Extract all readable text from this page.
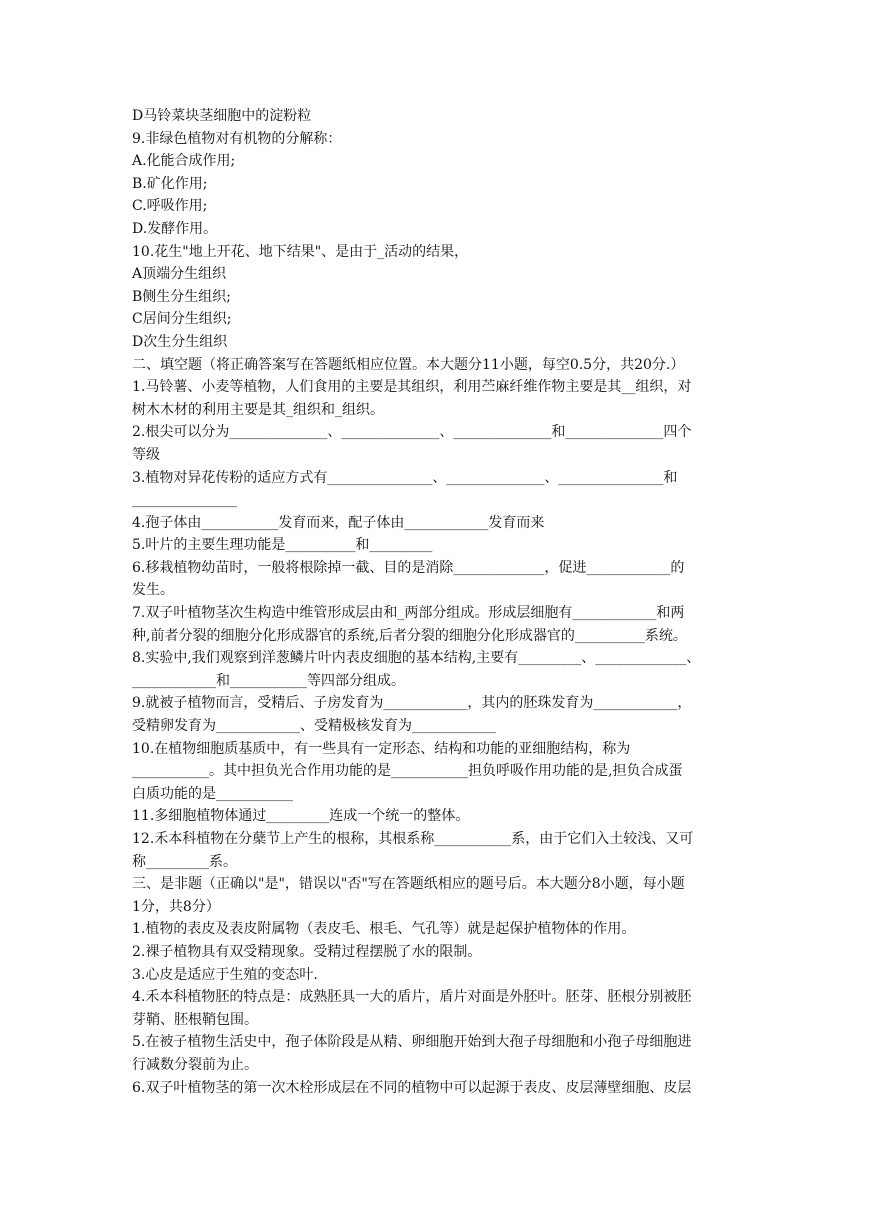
D马铃菜块茎细胞中的淀粉粒
9.非绿色植物对有机物的分解称：
A.化能合成作用;
B.矿化作用;
C.呼吸作用;
D.发酵作用。
10.花生"地上开花、地下结果"、是由于_活动的结果，
A顶端分生组织
B侧生分生组织;
C居间分生组织;
D次生分生组织
二、填空题（将正确答案写在答题纸相应位置。本大题分11小题，每空0.5分，共20分.）
1.马铃薯、小麦等植物，人们食用的主要是其组织，利用苎麻纤维作物主要是其__组织，对
树木木材的利用主要是其_组织和_组织。
2.根尖可以分为______________、______________、______________和______________四个
等级
3.植物对异花传粉的适应方式有_______________、______________、_______________和
_______________
4.孢子体由___________发育而来，配子体由____________发育而来
5.叶片的主要生理功能是__________和_________
6.移栽植物幼苗时，一般将根除掉一截、目的是消除_____________，促进____________的
发生。
7.双子叶植物茎次生构造中维管形成层由和_两部分组成。形成层细胞有____________和两
种,前者分裂的细胞分化形成器官的系统,后者分裂的细胞分化形成器官的__________系统。
8.实验中,我们观察到洋葱鳞片叶内表皮细胞的基本结构,主要有_________、_____________、
____________和___________等四部分组成。
9.就被子植物而言，受精后、子房发育为____________，其内的胚珠发育为____________，
受精卵发育为____________、受精极核发育为____________
10.在植物细胞质基质中，有一些具有一定形态、结构和功能的亚细胞结构，称为
___________。其中担负光合作用功能的是___________担负呼吸作用功能的是,担负合成蛋
白质功能的是___________
11.多细胞植物体通过_________连成一个统一的整体。
12.禾本科植物在分蘖节上产生的根称，其根系称___________系，由于它们入土较浅、又可
称_________系。
三、是非题（正确以"是"，错误以"否"写在答题纸相应的题号后。本大题分8小题，每小题
1分，共8分）
1.植物的表皮及表皮附属物（表皮毛、根毛、气孔等）就是起保护植物体的作用。
2.裸子植物具有双受精现象。受精过程摆脱了水的限制。
3.心皮是适应于生殖的变态叶.
4.禾本科植物胚的特点是：成熟胚具一大的盾片，盾片对面是外胚叶。胚芽、胚根分别被胚
芽鞘、胚根鞘包围。
5.在被子植物生活史中，孢子体阶段是从精、卵细胞开始到大孢子母细胞和小孢子母细胞进
行减数分裂前为止。
6.双子叶植物茎的第一次木栓形成层在不同的植物中可以起源于表皮、皮层薄壁细胞、皮层
